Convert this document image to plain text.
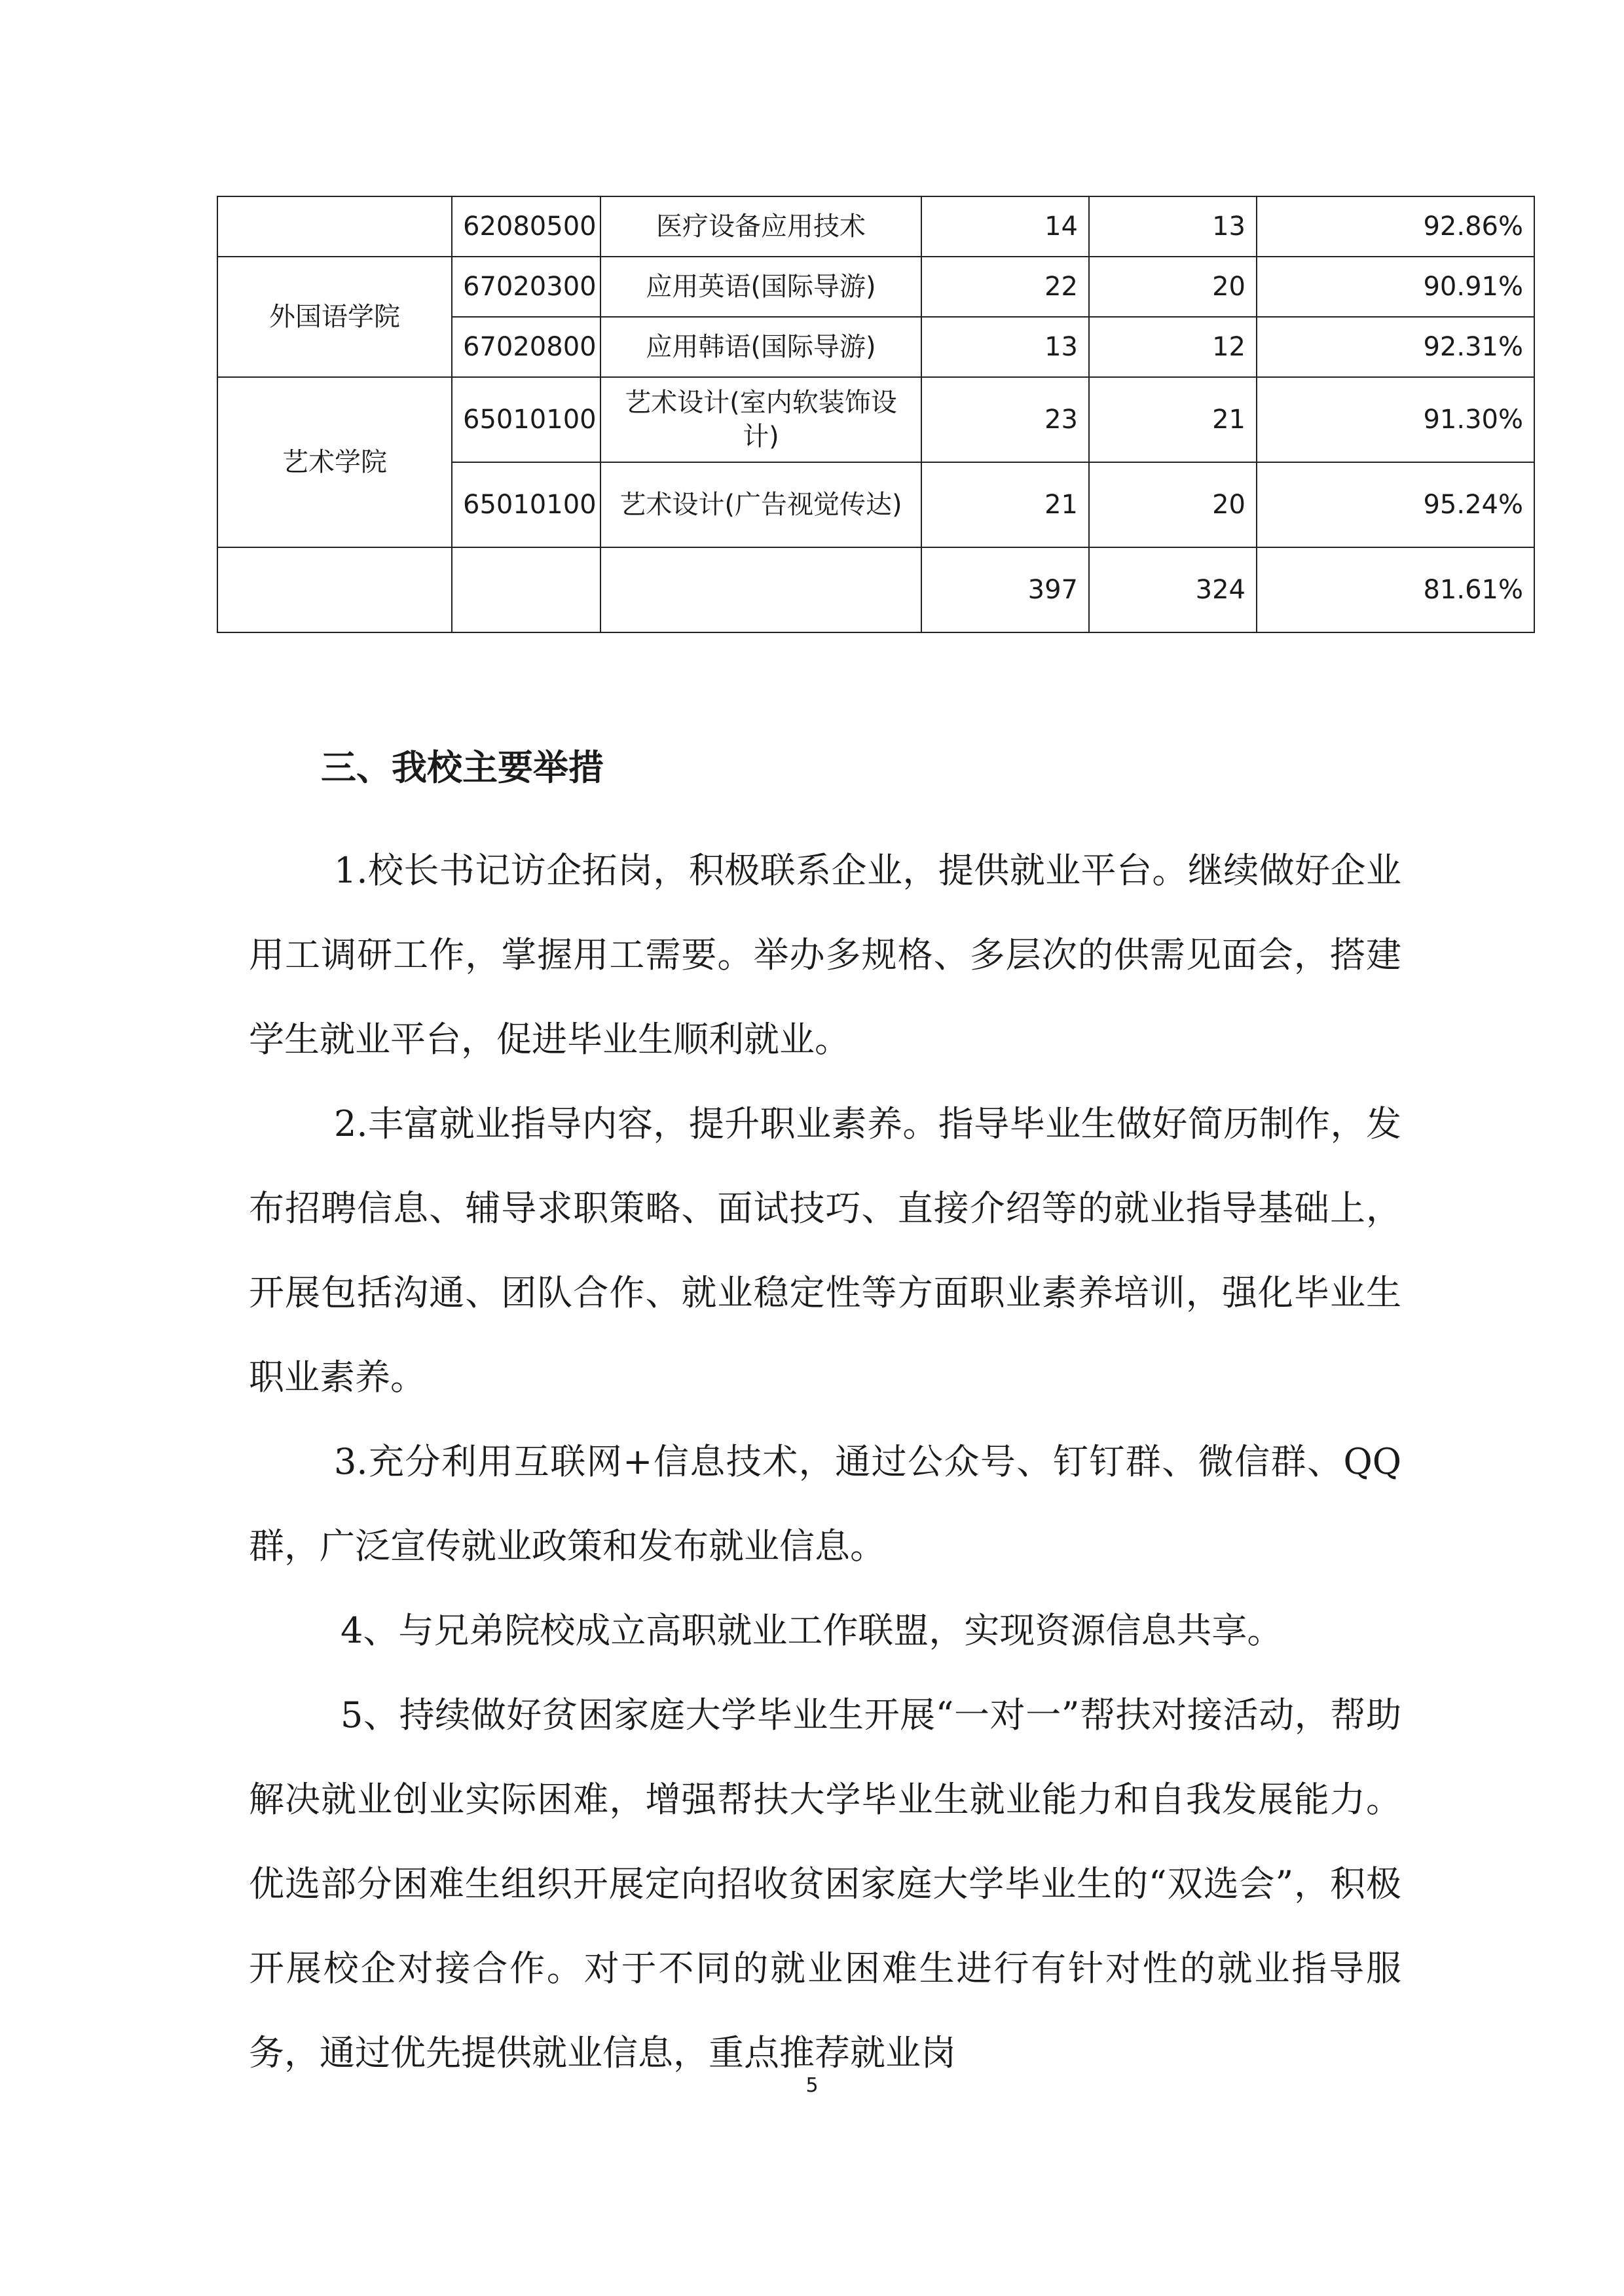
	62080500	医疗设备应用技术	14	13	92.86%
外国语学院	67020300	应用英语(国际导游)	22	20	90.91%
	67020800	应用韩语(国际导游)	13	12	92.31%
艺术学院	65010100	艺术设计(室内软装饰设计)	23	21	91.30%
	65010100	艺术设计(广告视觉传达)	21	20	95.24%
			397	324	81.61%
三、我校主要举措

1.校长书记访企拓岗，积极联系企业，提供就业平台。继续做好企业用工调研工作，掌握用工需要。举办多规格、多层次的供需见面会，搭建学生就业平台，促进毕业生顺利就业。

2.丰富就业指导内容，提升职业素养。指导毕业生做好简历制作，发布招聘信息、辅导求职策略、面试技巧、直接介绍等的就业指导基础上，开展包括沟通、团队合作、就业稳定性等方面职业素养培训，强化毕业生职业素养。

3.充分利用互联网+信息技术，通过公众号、钉钉群、微信群、QQ群，广泛宣传就业政策和发布就业信息。

4、与兄弟院校成立高职就业工作联盟，实现资源信息共享。

5、持续做好贫困家庭大学毕业生开展“一对一”帮扶对接活动，帮助解决就业创业实际困难，增强帮扶大学毕业生就业能力和自我发展能力。优选部分困难生组织开展定向招收贫困家庭大学毕业生的“双选会”，积极开展校企对接合作。对于不同的就业困难生进行有针对性的就业指导服务，通过优先提供就业信息，重点推荐就业岗

5
